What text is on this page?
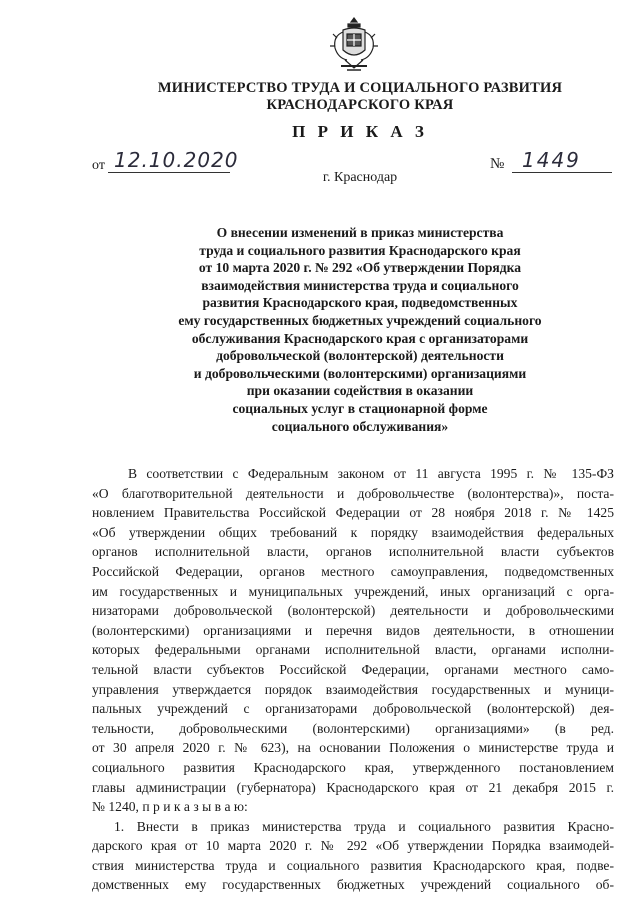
МИНИСТЕРСТВО ТРУДА И СОЦИАЛЬНОГО РАЗВИТИЯ
КРАСНОДАРСКОГО КРАЯ
П Р И К А З
от 12.10.2020	№ 1449
г. Краснодар
О внесении изменений в приказ министерства
труда и социального развития Краснодарского края
от 10 марта 2020 г. № 292 «Об утверждении Порядка
взаимодействия министерства труда и социального
развития Краснодарского края, подведомственных
ему государственных бюджетных учреждений социального
обслуживания Краснодарского края с организаторами
добровольческой (волонтерской) деятельности
и добровольческими (волонтерскими) организациями
при оказании содействия в оказании
социальных услуг в стационарной форме
социального обслуживания»
В соответствии с Федеральным законом от 11 августа 1995 г. № 135-ФЗ
«О благотворительной деятельности и добровольчестве (волонтерства)», поста-
новлением Правительства Российской Федерации от 28 ноября 2018 г. № 1425
«Об утверждении общих требований к порядку взаимодействия федеральных
органов исполнительной власти, органов исполнительной власти субъектов
Российской Федерации, органов местного самоуправления, подведомственных
им государственных и муниципальных учреждений, иных организаций с орга-
низаторами добровольческой (волонтерской) деятельности и добровольческими
(волонтерскими) организациями и перечня видов деятельности, в отношении
которых федеральными органами исполнительной власти, органами исполни-
тельной власти субъектов Российской Федерации, органами местного само-
управления утверждается порядок взаимодействия государственных и муници-
пальных учреждений с организаторами добровольческой (волонтерской) дея-
тельности, добровольческими (волонтерскими) организациями» (в ред.
от 30 апреля 2020 г. № 623), на основании Положения о министерстве труда и
социального развития Краснодарского края, утвержденного постановлением
главы администрации (губернатора) Краснодарского края от 21 декабря 2015 г.
№ 1240, п р и к а з ы в а ю:
1. Внести в приказ министерства труда и социального развития Красно-
дарского края от 10 марта 2020 г. № 292 «Об утверждении Порядка взаимодей-
ствия министерства труда и социального развития Краснодарского края, подве-
домственных ему государственных бюджетных учреждений социального об-
